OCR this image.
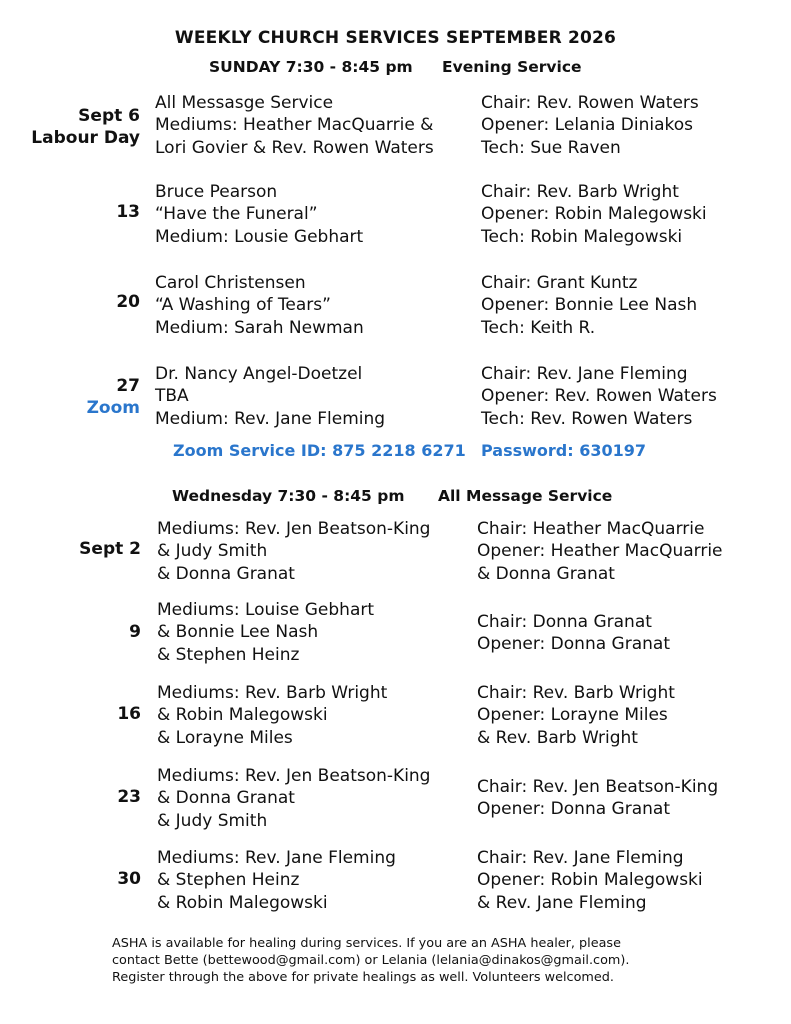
WEEKLY CHURCH SERVICES SEPTEMBER 2026
SUNDAY 7:30 - 8:45 pm Evening Service
Sept 6
Labour Day
All Messasge Service
Mediums: Heather MacQuarrie &
Lori Govier & Rev. Rowen Waters
Chair: Rev. Rowen Waters
Opener: Lelania Diniakos
Tech: Sue Raven
13
Bruce Pearson
“Have the Funeral”
Medium: Lousie Gebhart
Chair: Rev. Barb Wright
Opener: Robin Malegowski
Tech: Robin Malegowski
20
Carol Christensen
“A Washing of Tears”
Medium: Sarah Newman
Chair: Grant Kuntz
Opener: Bonnie Lee Nash
Tech: Keith R.
27
Zoom
Dr. Nancy Angel-Doetzel
TBA
Medium: Rev. Jane Fleming
Chair: Rev. Jane Fleming
Opener: Rev. Rowen Waters
Tech: Rev. Rowen Waters
Zoom Service ID: 875 2218 6271 Password: 630197
Wednesday 7:30 - 8:45 pm All Message Service
Sept 2
Mediums: Rev. Jen Beatson-King
& Judy Smith
& Donna Granat
Chair: Heather MacQuarrie
Opener: Heather MacQuarrie
& Donna Granat
9
Mediums: Louise Gebhart
& Bonnie Lee Nash
& Stephen Heinz
Chair: Donna Granat
Opener: Donna Granat
16
Mediums: Rev. Barb Wright
& Robin Malegowski
& Lorayne Miles
Chair: Rev. Barb Wright
Opener: Lorayne Miles
& Rev. Barb Wright
23
Mediums: Rev. Jen Beatson-King
& Donna Granat
& Judy Smith
Chair: Rev. Jen Beatson-King
Opener: Donna Granat
30
Mediums: Rev. Jane Fleming
& Stephen Heinz
& Robin Malegowski
Chair: Rev. Jane Fleming
Opener: Robin Malegowski
& Rev. Jane Fleming
ASHA is available for healing during services. If you are an ASHA healer, please
contact Bette (bettewood@gmail.com) or Lelania (lelania@dinakos@gmail.com).
Register through the above for private healings as well. Volunteers welcomed.
